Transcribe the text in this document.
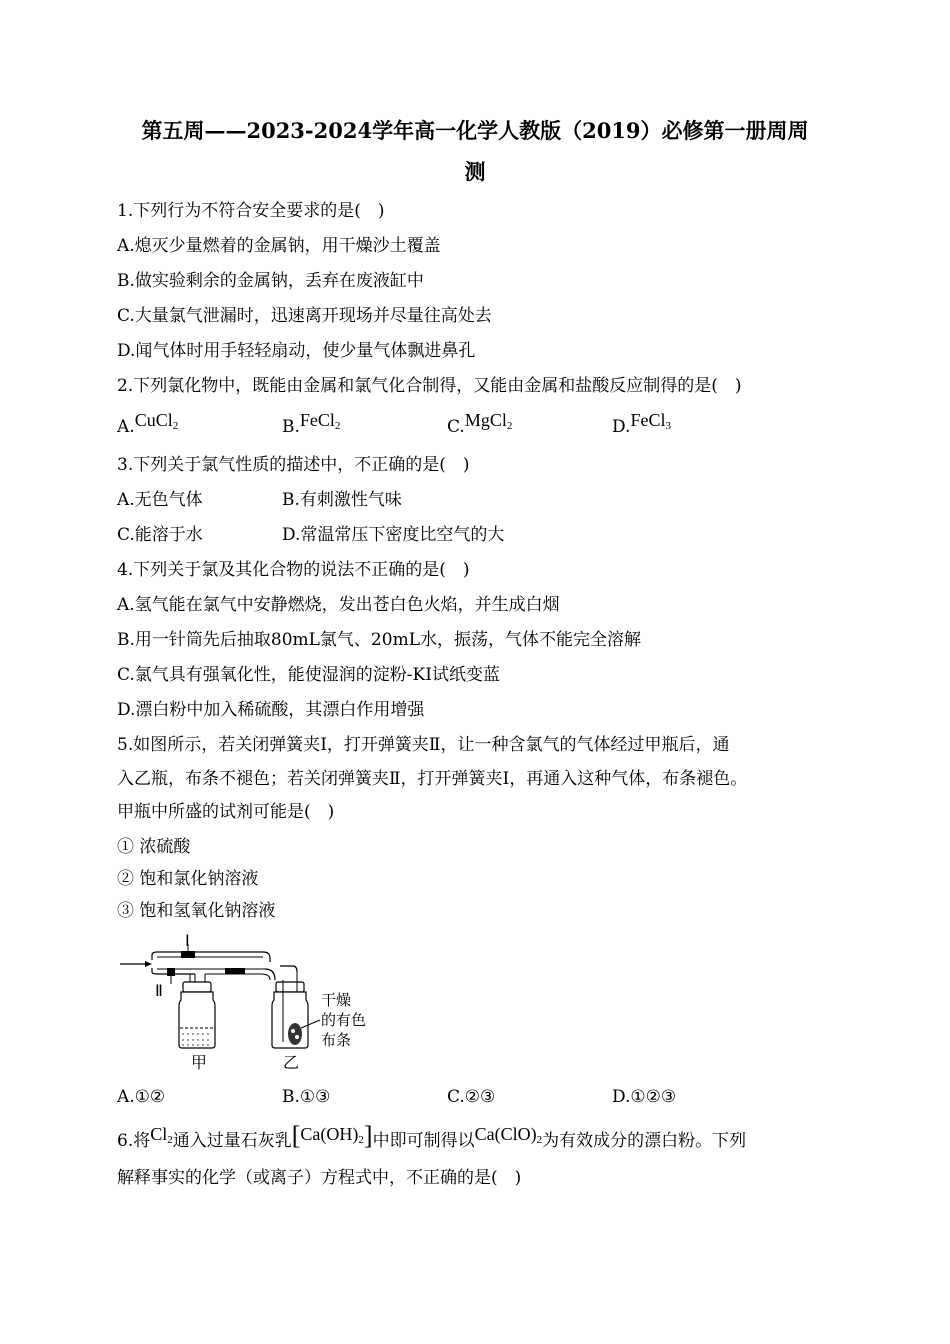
第五周——2023-2024学年高一化学人教版（2019）必修第一册周周
测
1.下列行为不符合安全要求的是(　)
A.熄灭少量燃着的金属钠，用干燥沙土覆盖
B.做实验剩余的金属钠，丢弃在废液缸中
C.大量氯气泄漏时，迅速离开现场并尽量往高处去
D.闻气体时用手轻轻扇动，使少量气体飘进鼻孔
2.下列氯化物中，既能由金属和氯气化合制得，又能由金属和盐酸反应制得的是(　)
A.CuCl$_2$	B.FeCl$_2$	C.MgCl$_2$	D.FeCl$_3$
3.下列关于氯气性质的描述中，不正确的是(　)
A.无色气体	B.有刺激性气味
C.能溶于水	D.常温常压下密度比空气的大
4.下列关于氯及其化合物的说法不正确的是(　)
A.氢气能在氯气中安静燃烧，发出苍白色火焰，并生成白烟
B.用一针筒先后抽取80mL氯气、20mL水，振荡，气体不能完全溶解
C.氯气具有强氧化性，能使湿润的淀粉-KI试纸变蓝
D.漂白粉中加入稀硫酸，其漂白作用增强
5.如图所示，若关闭弹簧夹Ⅰ，打开弹簧夹Ⅱ，让一种含氯气的气体经过甲瓶后，通
入乙瓶，布条不褪色；若关闭弹簧夹Ⅱ，打开弹簧夹Ⅰ，再通入这种气体，布条褪色。
甲瓶中所盛的试剂可能是(　)
① 浓硫酸
② 饱和氯化钠溶液
③ 饱和氢氧化钠溶液
Ⅰ
Ⅱ
甲	乙
干燥
的有色
布条
A.①②	B.①③	C.②③	D.①②③
6.将$Cl_2$通入过量石灰乳$[Ca(OH)_2]$中即可制得以$Ca(ClO)_2$为有效成分的漂白粉。下列
解释事实的化学（或离子）方程式中，不正确的是(　)
